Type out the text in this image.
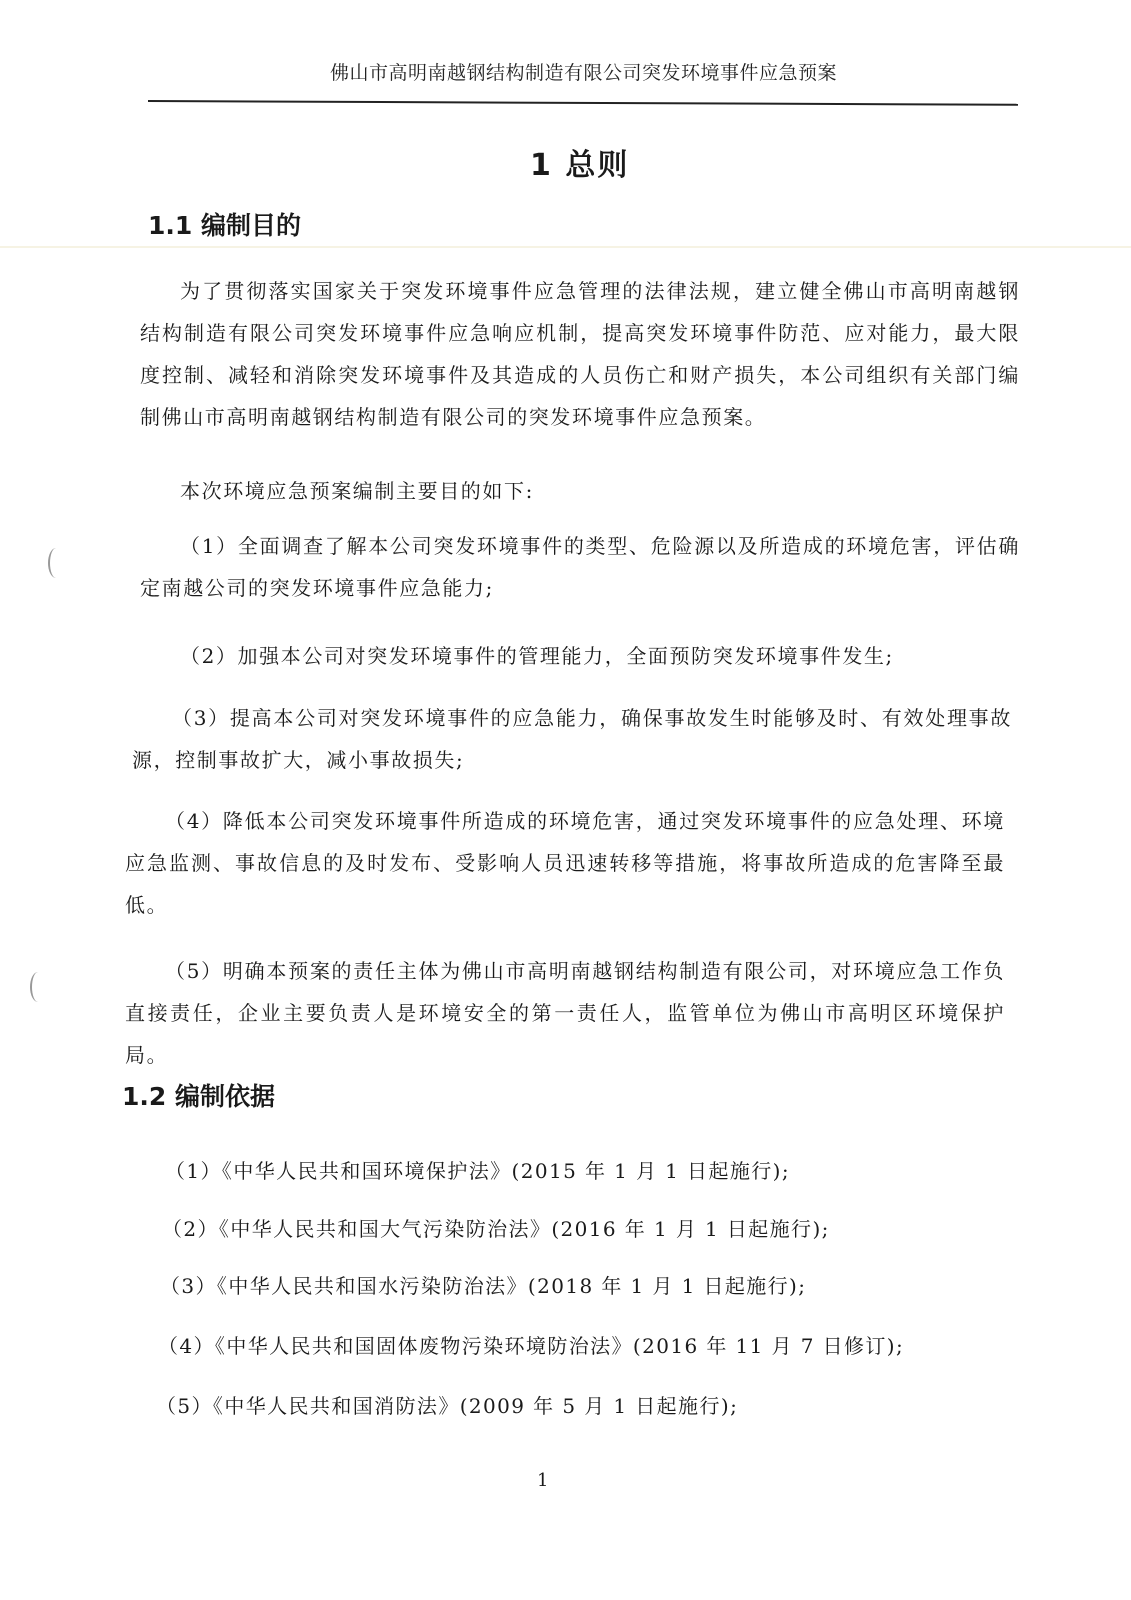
佛山市高明南越钢结构制造有限公司突发环境事件应急预案
1 总则
1.1 编制目的
为了贯彻落实国家关于突发环境事件应急管理的法律法规，建立健全佛山市高明南越钢结构制造有限公司突发环境事件应急响应机制，提高突发环境事件防范、应对能力，最大限度控制、减轻和消除突发环境事件及其造成的人员伤亡和财产损失，本公司组织有关部门编制佛山市高明南越钢结构制造有限公司的突发环境事件应急预案。
本次环境应急预案编制主要目的如下:
（1）全面调查了解本公司突发环境事件的类型、危险源以及所造成的环境危害，评估确定南越公司的突发环境事件应急能力;
（2）加强本公司对突发环境事件的管理能力，全面预防突发环境事件发生;
（3）提高本公司对突发环境事件的应急能力，确保事故发生时能够及时、有效处理事故源，控制事故扩大，减小事故损失;
（4）降低本公司突发环境事件所造成的环境危害，通过突发环境事件的应急处理、环境应急监测、事故信息的及时发布、受影响人员迅速转移等措施，将事故所造成的危害降至最低。
（5）明确本预案的责任主体为佛山市高明南越钢结构制造有限公司，对环境应急工作负直接责任，企业主要负责人是环境安全的第一责任人，监管单位为佛山市高明区环境保护局。
1.2 编制依据
（1）《中华人民共和国环境保护法》(2015 年 1 月 1 日起施行);
（2）《中华人民共和国大气污染防治法》(2016 年 1 月 1 日起施行);
（3）《中华人民共和国水污染防治法》(2018 年 1 月 1 日起施行);
（4）《中华人民共和国固体废物污染环境防治法》(2016 年 11 月 7 日修订);
（5）《中华人民共和国消防法》(2009 年 5 月 1 日起施行);
1
